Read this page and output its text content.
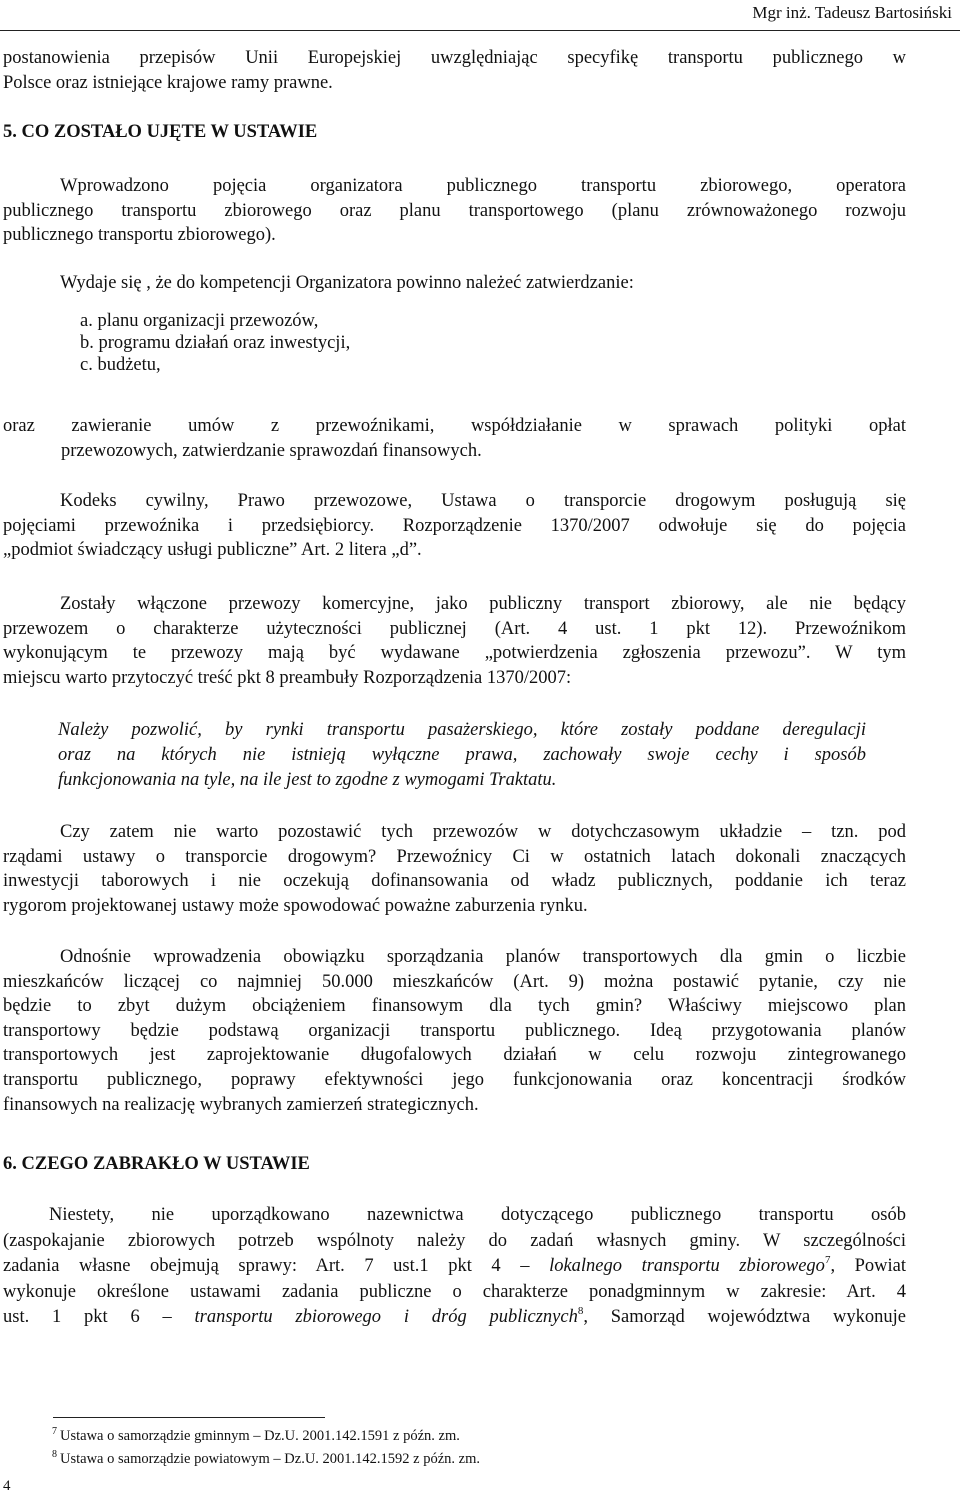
Mgr inż. Tadeusz Bartosiński
postanowienia przepisów Unii Europejskiej uwzględniając specyfikę transportu publicznego w
Polsce oraz istniejące krajowe ramy prawne.
5. CO ZOSTAŁO UJĘTE W USTAWIE
Wprowadzono pojęcia organizatora publicznego transportu zbiorowego, operatora
publicznego transportu zbiorowego oraz planu transportowego (planu zrównoważonego rozwoju
publicznego transportu zbiorowego).
Wydaje się , że do kompetencji Organizatora powinno należeć zatwierdzanie:
a. planu organizacji przewozów,
b. programu działań oraz inwestycji,
c. budżetu,
oraz zawieranie umów z przewoźnikami, współdziałanie w sprawach polityki opłat
przewozowych, zatwierdzanie sprawozdań finansowych.
Kodeks cywilny, Prawo przewozowe, Ustawa o transporcie drogowym posługują się
pojęciami przewoźnika i przedsiębiorcy. Rozporządzenie 1370/2007 odwołuje się do pojęcia
„podmiot świadczący usługi publiczne” Art. 2 litera „d”.
Zostały włączone przewozy komercyjne, jako publiczny transport zbiorowy, ale nie będący
przewozem o charakterze użyteczności publicznej (Art. 4 ust. 1 pkt 12). Przewoźnikom
wykonującym te przewozy mają być wydawane „potwierdzenia zgłoszenia przewozu”. W tym
miejscu warto przytoczyć treść pkt 8 preambuły Rozporządzenia 1370/2007:
Należy pozwolić, by rynki transportu pasażerskiego, które zostały poddane deregulacji
oraz na których nie istnieją wyłączne prawa, zachowały swoje cechy i sposób
funkcjonowania na tyle, na ile jest to zgodne z wymogami Traktatu.
Czy zatem nie warto pozostawić tych przewozów w dotychczasowym układzie – tzn. pod
rządami ustawy o transporcie drogowym? Przewoźnicy Ci w ostatnich latach dokonali znaczących
inwestycji taborowych i nie oczekują dofinansowania od władz publicznych, poddanie ich teraz
rygorom projektowanej ustawy może spowodować poważne zaburzenia rynku.
Odnośnie wprowadzenia obowiązku sporządzania planów transportowych dla gmin o liczbie
mieszkańców liczącej co najmniej 50.000 mieszkańców (Art. 9) można postawić pytanie, czy nie
będzie to zbyt dużym obciążeniem finansowym dla tych gmin? Właściwy miejscowo plan
transportowy będzie podstawą organizacji transportu publicznego. Ideą przygotowania planów
transportowych jest zaprojektowanie długofalowych działań w celu rozwoju zintegrowanego
transportu publicznego, poprawy efektywności jego funkcjonowania oraz koncentracji środków
finansowych na realizację wybranych zamierzeń strategicznych.
6. CZEGO ZABRAKŁO W USTAWIE
Niestety, nie uporządkowano nazewnictwa dotyczącego publicznego transportu osób
(zaspokajanie zbiorowych potrzeb wspólnoty należy do zadań własnych gminy. W szczególności
zadania własne obejmują sprawy: Art. 7 ust.1 pkt 4 – lokalnego transportu zbiorowego$^7$, Powiat
wykonuje określone ustawami zadania publiczne o charakterze ponadgminnym w zakresie: Art. 4
ust. 1 pkt 6 – transportu zbiorowego i dróg publicznych$^8$, Samorząd województwa wykonuje
$^7$ Ustawa o samorządzie gminnym – Dz.U. 2001.142.1591 z późn. zm.
$^8$ Ustawa o samorządzie powiatowym – Dz.U. 2001.142.1592 z późn. zm.
4
